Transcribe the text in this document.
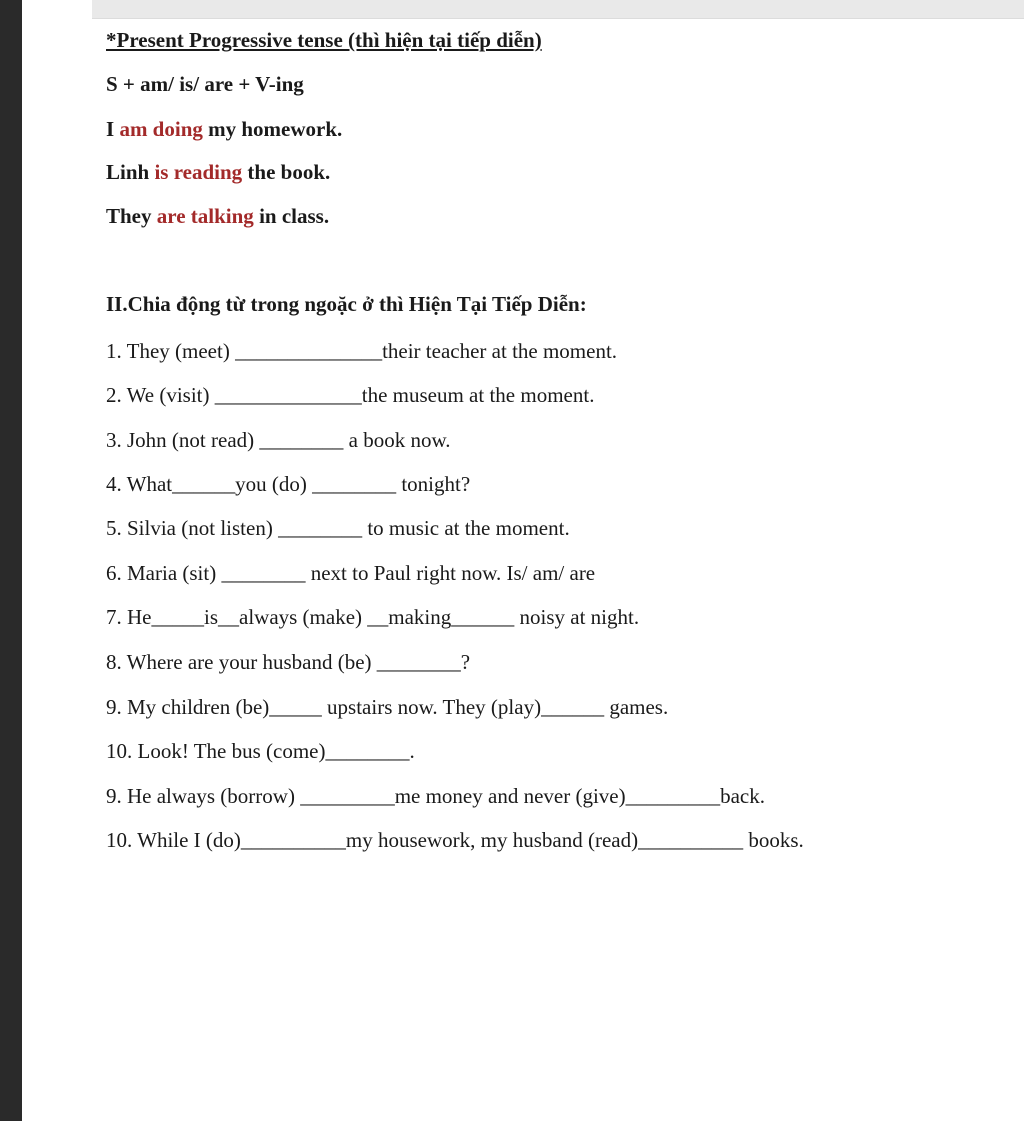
*Present Progressive tense (thì hiện tại tiếp diễn)
S + am/ is/ are + V-ing
I am doing my homework.
Linh is reading the book.
They are talking in class.
II.Chia động từ trong ngoặc ở thì Hiện Tại Tiếp Diễn:
1. They (meet) ______________their teacher at the moment.
2. We (visit) ______________the museum at the moment.
3. John (not read) ________ a book now.
4. What______you (do) ________ tonight?
5. Silvia (not listen) ________ to music at the moment.
6. Maria (sit) ________ next to Paul right now. Is/ am/ are
7. He_____is__always (make) __making______ noisy at night.
8. Where are your husband (be) ________?
9. My children (be)_____ upstairs now. They (play)______ games.
10. Look! The bus (come)________.
9. He always (borrow) _________me money and never (give)_________back.
10. While I (do)__________my housework, my husband (read)__________ books.
